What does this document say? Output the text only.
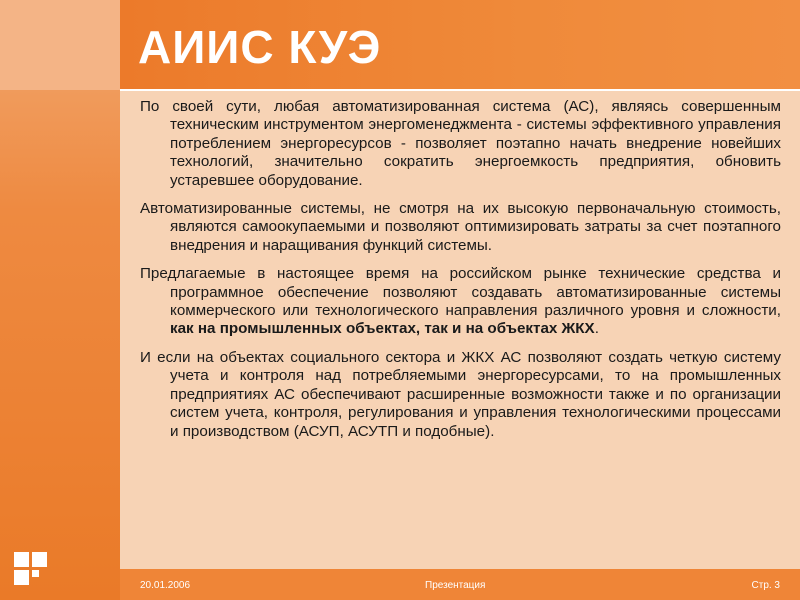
АИИС КУЭ

По своей сути, любая автоматизированная система (АС), являясь совершенным техническим инструментом энергоменеджмента - системы эффективного управления потреблением энергоресурсов - позволяет поэтапно начать внедрение новейших технологий, значительно сократить энергоемкость предприятия, обновить устаревшее оборудование.

Автоматизированные системы, не смотря на их высокую первоначальную стоимость, являются самоокупаемыми и позволяют оптимизировать затраты за счет поэтапного внедрения и наращивания функций системы.

Предлагаемые в настоящее время на российском рынке технические средства и программное обеспечение позволяют создавать автоматизированные системы коммерческого или технологического направления различного уровня и сложности, как на промышленных объектах, так и на объектах ЖКХ.

И если на объектах социального сектора и ЖКХ АС позволяют создать четкую систему учета и контроля над потребляемыми энергоресурсами, то на промышленных предприятиях АС обеспечивают расширенные возможности также и по организации систем учета, контроля, регулирования и управления технологическими процессами и производством (АСУП, АСУТП и подобные).

20.01.2006	Презентация	Стр. 3
